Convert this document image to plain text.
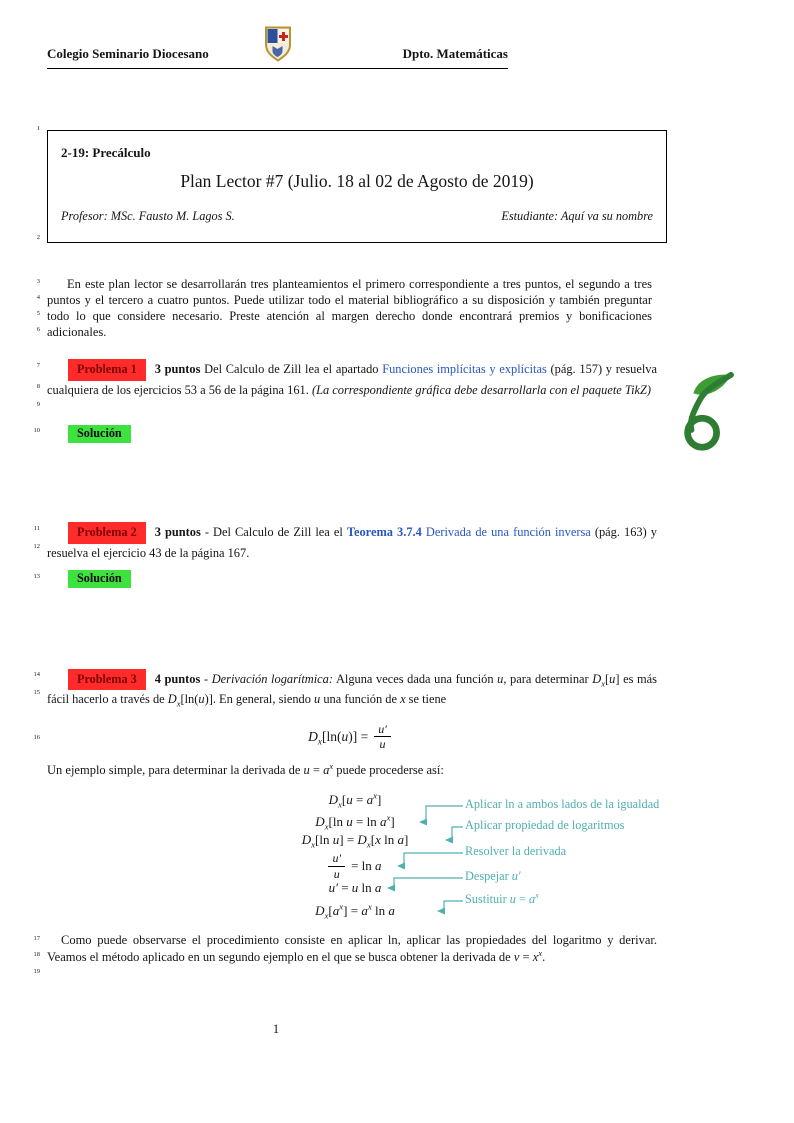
Colegio Seminario Diocesano	Dpto. Matemáticas
1
2
3
4
5
6
7
8
9
10
11
12
13
14
15
16
17
18
19
2-19: Precálculo
Plan Lector #7 (Julio. 18 al 02 de Agosto de 2019)
Profesor: MSc. Fausto M. Lagos S.	Estudiante: Aquí va su nombre

En este plan lector se desarrollarán tres planteamientos el primero correspondiente a tres puntos, el segundo a tres puntos y el tercero a cuatro puntos. Puede utilizar todo el material bibliográfico a su disposición y también preguntar todo lo que considere necesario. Preste atención al margen derecho donde encontrará premios y bonificaciones adicionales.

Problema 1 3 puntos Del Calculo de Zill lea el apartado Funciones implícitas y explícitas (pág. 157) y resuelva cualquiera de los ejercicios 53 a 56 de la página 161. (La correspondiente gráfica debe desarrollarla con el paquete TikZ)

Solución

Problema 2 3 puntos - Del Calculo de Zill lea el Teorema 3.7.4 Derivada de una función inversa (pág. 163) y resuelva el ejercicio 43 de la página 167.

Solución

Problema 3 4 puntos - Derivación logarítmica: Alguna veces dada una función u, para determinar $D_x[u]$ es más fácil hacerlo a través de $D_x[\ln(u)]$. En general, siendo u una función de x se tiene

$D_x[\ln(u)] = \frac{u'}{u}$

Un ejemplo simple, para determinar la derivada de $u = a^x$ puede procederse así:

$D_x[u = a^x]$
$D_x[\ln$ $u = \ln a^x$]
$D_x[\ln$ $u] = D_x[x$ ln a]
$\frac{u'}{u} = \ln a$
u′ = u ln a
$D_x[a^x] = a^x$ ln a
Aplicar ln a ambos lados de la igualdad
Aplicar propiedad de logaritmos
Resolver la derivada
Despejar u′
Sustituir $u = a^x$

Como puede observarse el procedimiento consiste en aplicar ln, aplicar las propiedades del logaritmo y derivar. Veamos el método aplicado en un segundo ejemplo en el que se busca obtener la derivada de $v = x^x$.

1
